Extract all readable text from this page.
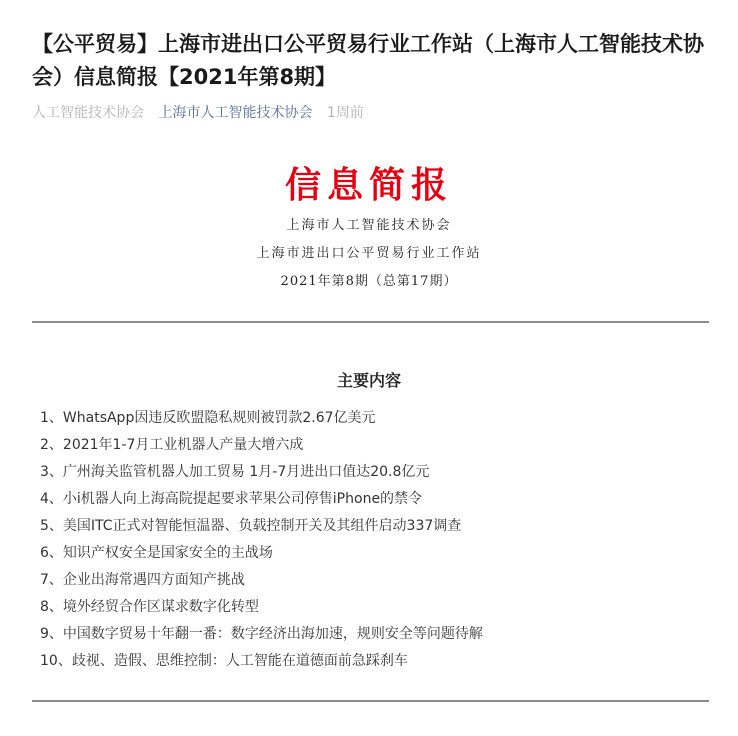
【公平贸易】上海市进出口公平贸易行业工作站（上海市人工智能技术协会）信息简报【2021年第8期】
人工智能技术协会 上海市人工智能技术协会 1周前
信息简报
上海市人工智能技术协会
上海市进出口公平贸易行业工作站
2021年第8期（总第17期）
主要内容
1、WhatsApp因违反欧盟隐私规则被罚款2.67亿美元
2、2021年1-7月工业机器人产量大增六成
3、广州海关监管机器人加工贸易 1月-7月进出口值达20.8亿元
4、小i机器人向上海高院提起要求苹果公司停售iPhone的禁令
5、美国ITC正式对智能恒温器、负载控制开关及其组件启动337调查
6、知识产权安全是国家安全的主战场
7、企业出海常遇四方面知产挑战
8、境外经贸合作区谋求数字化转型
9、中国数字贸易十年翻一番：数字经济出海加速，规则安全等问题待解
10、歧视、造假、思维控制：人工智能在道德面前急踩刹车
